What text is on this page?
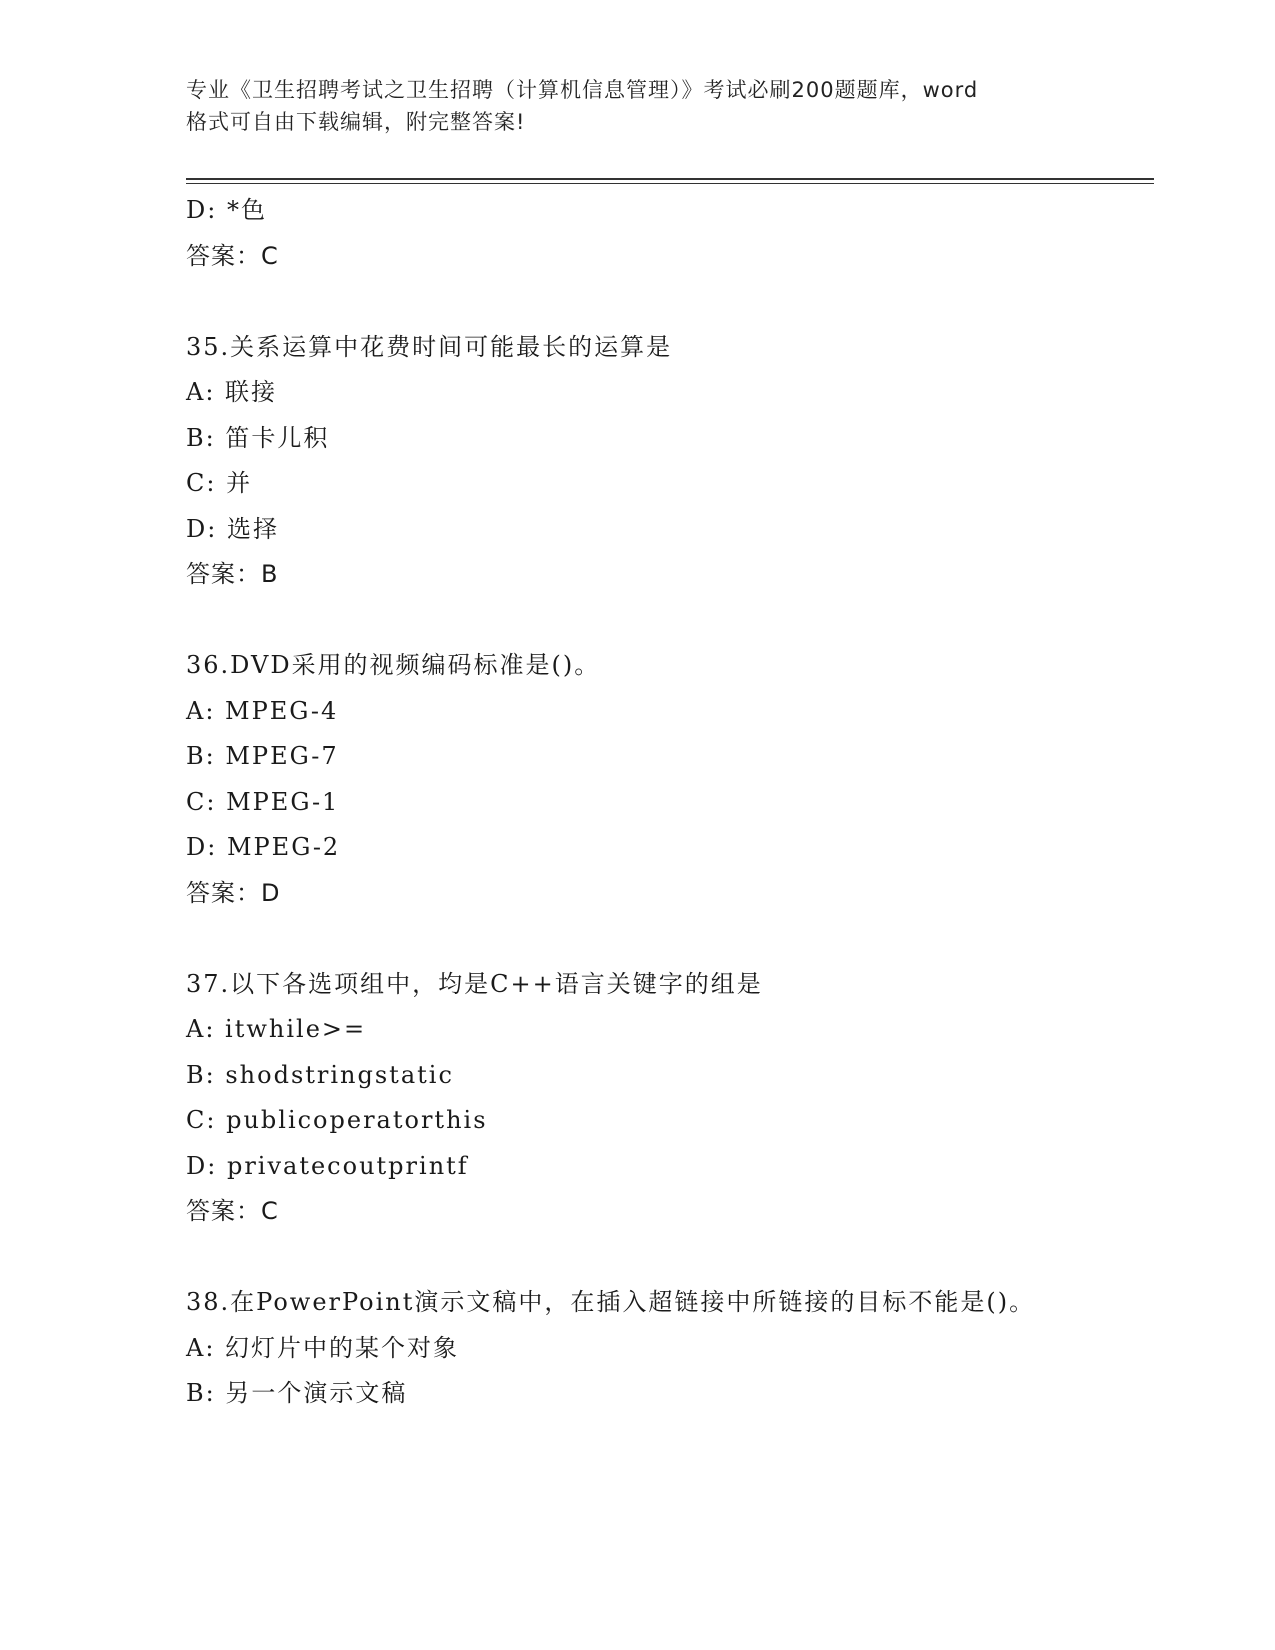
专业《卫生招聘考试之卫生招聘（计算机信息管理）》考试必刷200题题库，word
格式可自由下载编辑，附完整答案!
D: *色
答案：C
35.关系运算中花费时间可能最长的运算是
A: 联接
B: 笛卡儿积
C: 并
D: 选择
答案：B
36.DVD采用的视频编码标准是()。
A: MPEG-4
B: MPEG-7
C: MPEG-1
D: MPEG-2
答案：D
37.以下各选项组中，均是C++语言关键字的组是
A: itwhile>=
B: shodstringstatic
C: publicoperatorthis
D: privatecoutprintf
答案：C
38.在PowerPoint演示文稿中，在插入超链接中所链接的目标不能是()。
A: 幻灯片中的某个对象
B: 另一个演示文稿
